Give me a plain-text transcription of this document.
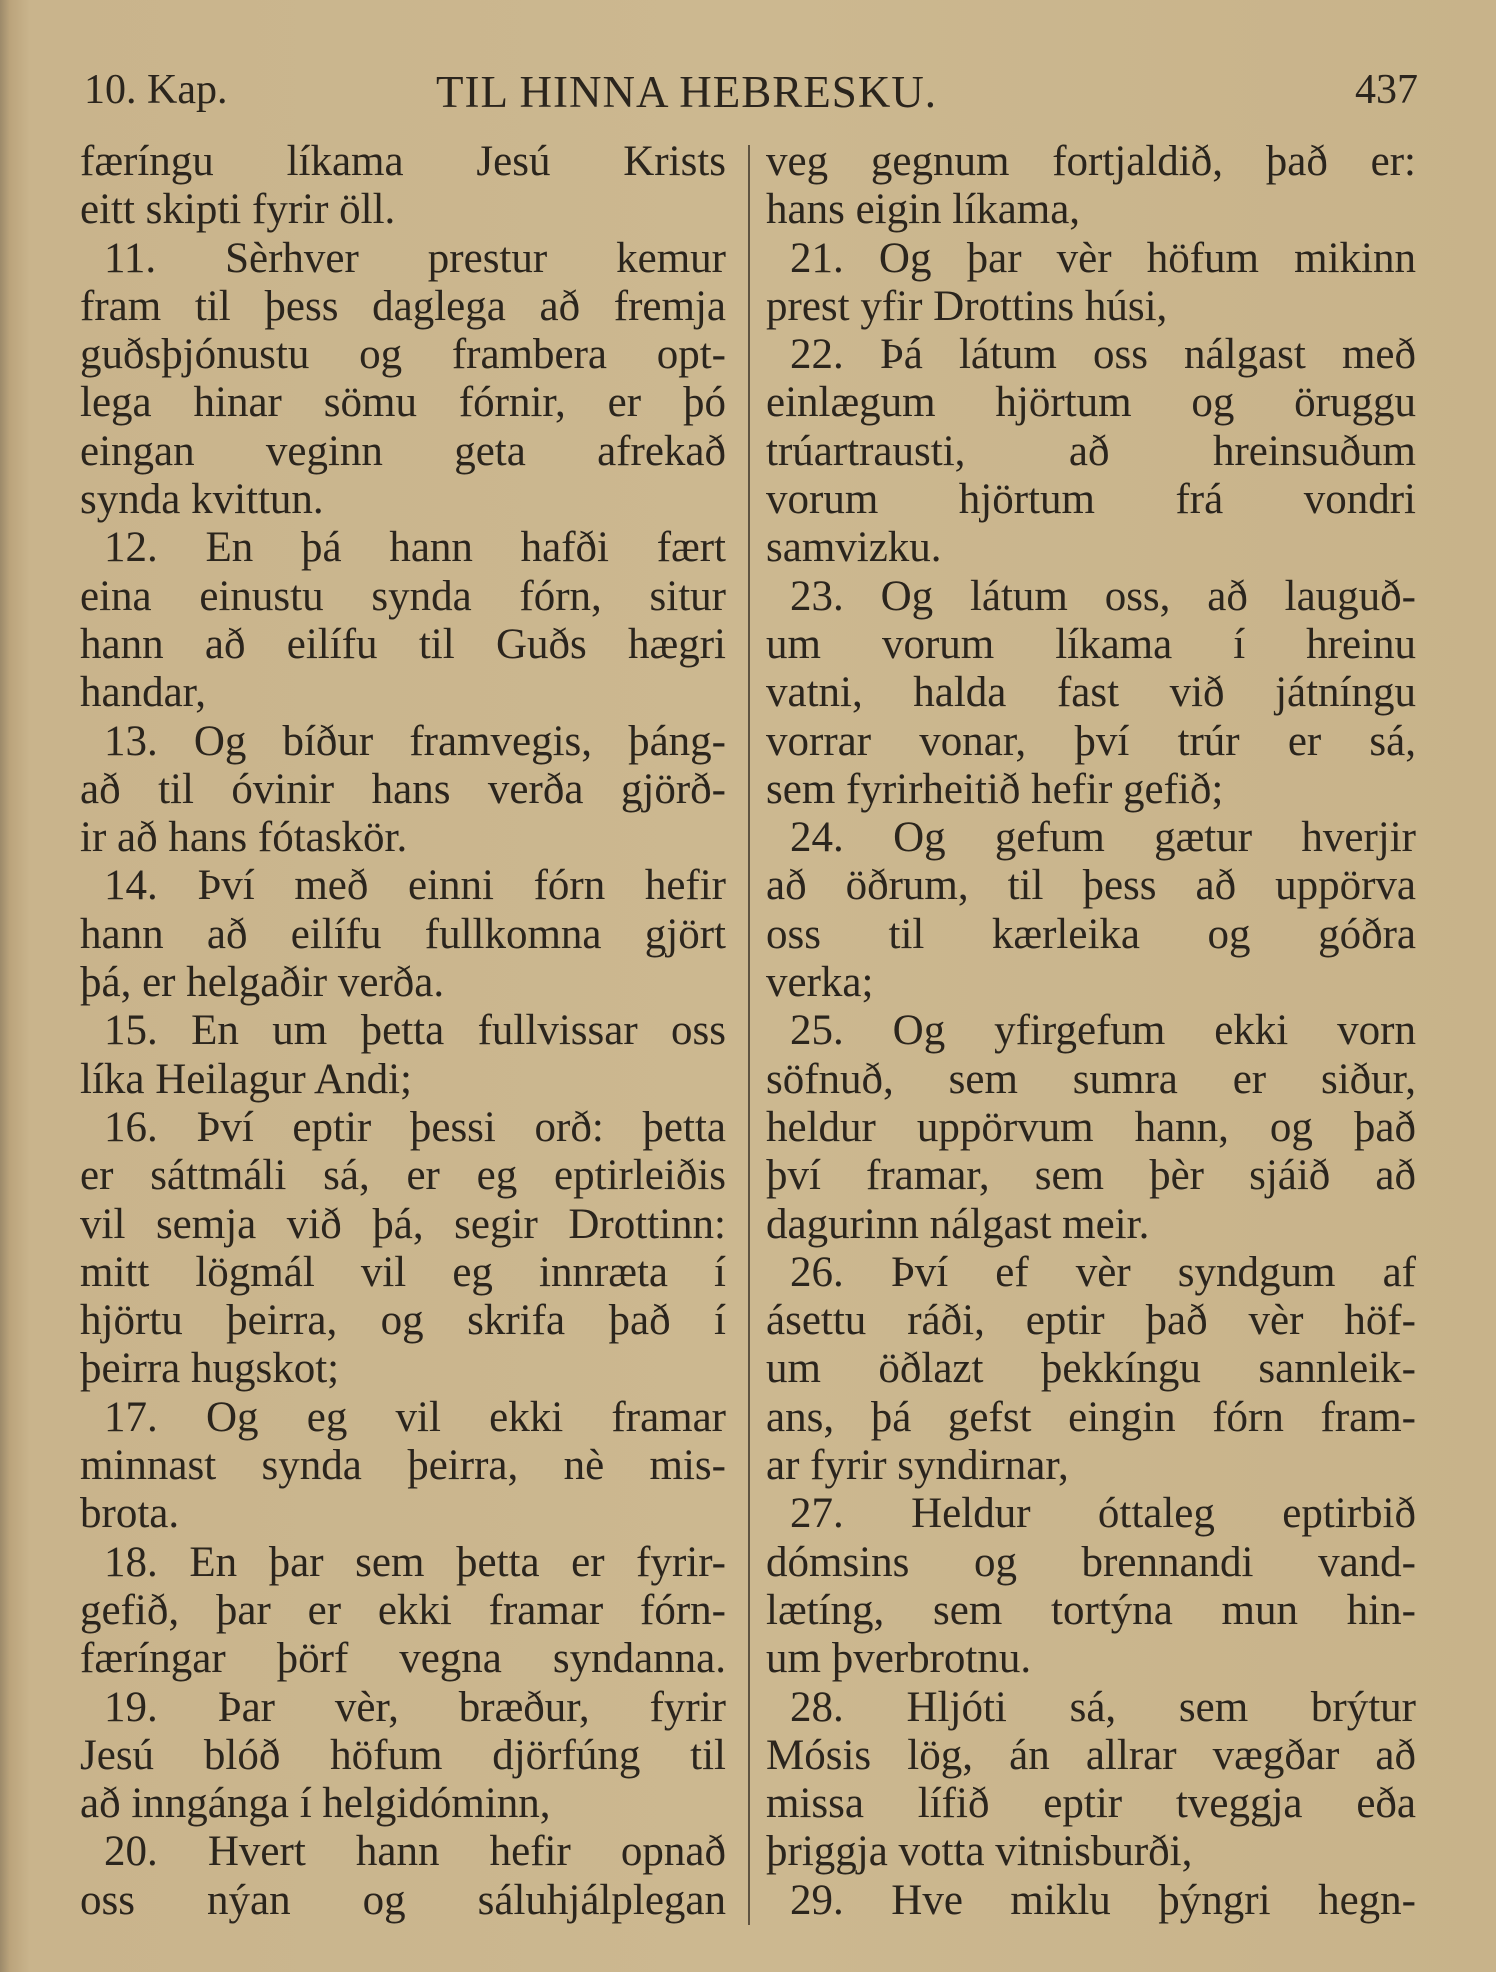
10. Kap.	TIL HINNA HEBRESKU.	437
færíngu líkama Jesú Krists
eitt skipti fyrir öll.
11. Sèrhver prestur kemur
fram til þess daglega að fremja
guðsþjónustu og frambera opt-
lega hinar sömu fórnir, er þó
eingan veginn geta afrekað
synda kvittun.
12. En þá hann hafði fært
eina einustu synda fórn, situr
hann að eilífu til Guðs hægri
handar,
13. Og bíður framvegis, þáng-
að til óvinir hans verða gjörð-
ir að hans fótaskör.
14. Því með einni fórn hefir
hann að eilífu fullkomna gjört
þá, er helgaðir verða.
15. En um þetta fullvissar oss
líka Heilagur Andi;
16. Því eptir þessi orð: þetta
er sáttmáli sá, er eg eptirleiðis
vil semja við þá, segir Drottinn:
mitt lögmál vil eg innræta í
hjörtu þeirra, og skrifa það í
þeirra hugskot;
17. Og eg vil ekki framar
minnast synda þeirra, nè mis-
brota.
18. En þar sem þetta er fyrir-
gefið, þar er ekki framar fórn-
færíngar þörf vegna syndanna.
19. Þar vèr, bræður, fyrir
Jesú blóð höfum djörfúng til
að inngánga í helgidóminn,
20. Hvert hann hefir opnað
oss nýan og sáluhjálplegan
veg gegnum fortjaldið, það er:
hans eigin líkama,
21. Og þar vèr höfum mikinn
prest yfir Drottins húsi,
22. Þá látum oss nálgast með
einlægum hjörtum og öruggu
trúartrausti, að hreinsuðum
vorum hjörtum frá vondri
samvizku.
23. Og látum oss, að lauguð-
um vorum líkama í hreinu
vatni, halda fast við játníngu
vorrar vonar, því trúr er sá,
sem fyrirheitið hefir gefið;
24. Og gefum gætur hverjir
að öðrum, til þess að uppörva
oss til kærleika og góðra
verka;
25. Og yfirgefum ekki vorn
söfnuð, sem sumra er siður,
heldur uppörvum hann, og það
því framar, sem þèr sjáið að
dagurinn nálgast meir.
26. Því ef vèr syndgum af
ásettu ráði, eptir það vèr höf-
um öðlazt þekkíngu sannleik-
ans, þá gefst eingin fórn fram-
ar fyrir syndirnar,
27. Heldur óttaleg eptirbið
dómsins og brennandi vand-
lætíng, sem tortýna mun hin-
um þverbrotnu.
28. Hljóti sá, sem brýtur
Mósis lög, án allrar vægðar að
missa lífið eptir tveggja eða
þriggja votta vitnisburði,
29. Hve miklu þýngri hegn-
